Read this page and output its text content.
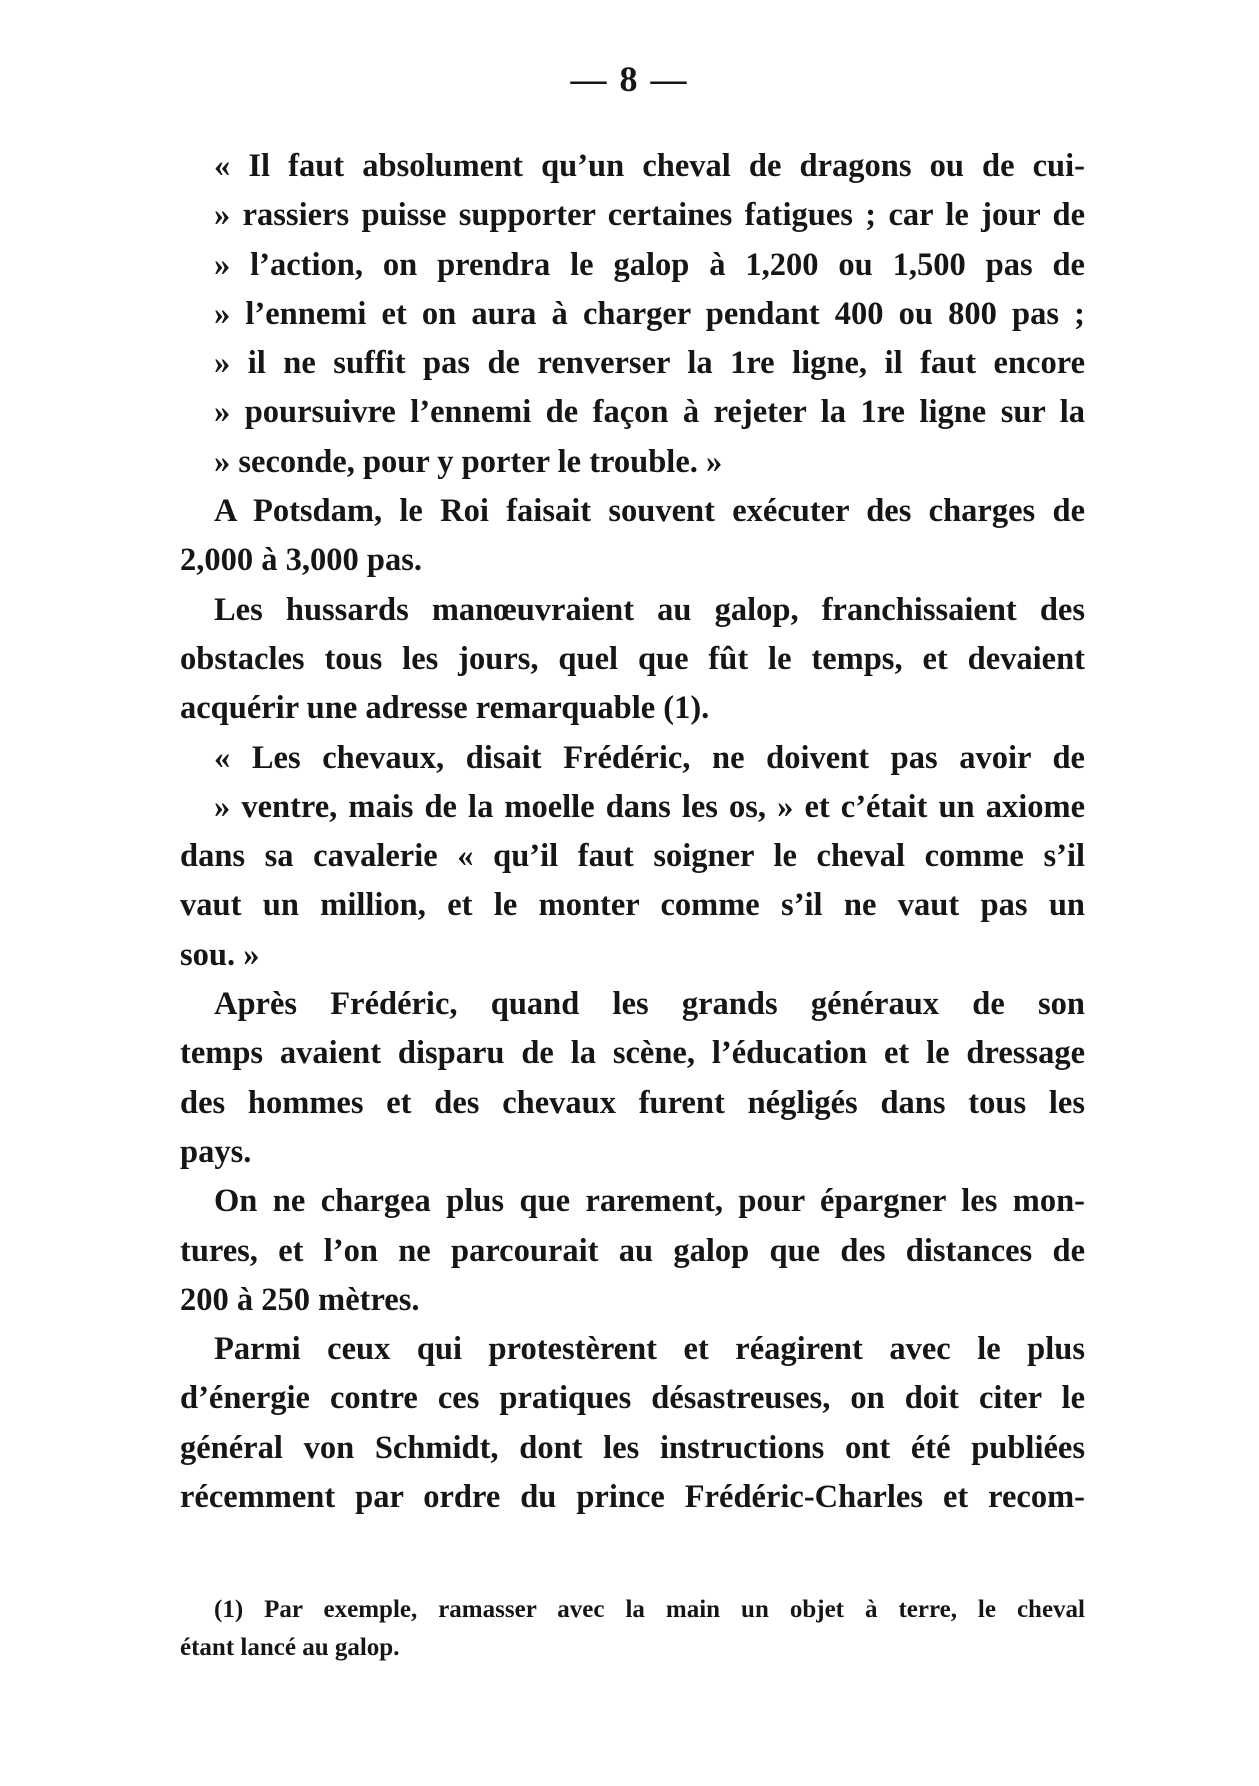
— 8 —
« Il faut absolument qu’un cheval de dragons ou de cui-
» rassiers puisse supporter certaines fatigues ; car le jour de
» l’action, on prendra le galop à 1,200 ou 1,500 pas de
» l’ennemi et on aura à charger pendant 400 ou 800 pas ;
» il ne suffit pas de renverser la 1re ligne, il faut encore
» poursuivre l’ennemi de façon à rejeter la 1re ligne sur la
» seconde, pour y porter le trouble. »
A Potsdam, le Roi faisait souvent exécuter des charges de
2,000 à 3,000 pas.
Les hussards manœuvraient au galop, franchissaient des
obstacles tous les jours, quel que fût le temps, et devaient
acquérir une adresse remarquable (1).
« Les chevaux, disait Frédéric, ne doivent pas avoir de
» ventre, mais de la moelle dans les os, » et c’était un axiome
dans sa cavalerie « qu’il faut soigner le cheval comme s’il
vaut un million, et le monter comme s’il ne vaut pas un
sou. »
Après Frédéric, quand les grands généraux de son
temps avaient disparu de la scène, l’éducation et le dressage
des hommes et des chevaux furent négligés dans tous les
pays.
On ne chargea plus que rarement, pour épargner les mon-
tures, et l’on ne parcourait au galop que des distances de
200 à 250 mètres.
Parmi ceux qui protestèrent et réagirent avec le plus
d’énergie contre ces pratiques désastreuses, on doit citer le
général von Schmidt, dont les instructions ont été publiées
récemment par ordre du prince Frédéric-Charles et recom-
(1) Par exemple, ramasser avec la main un objet à terre, le cheval
étant lancé au galop.
